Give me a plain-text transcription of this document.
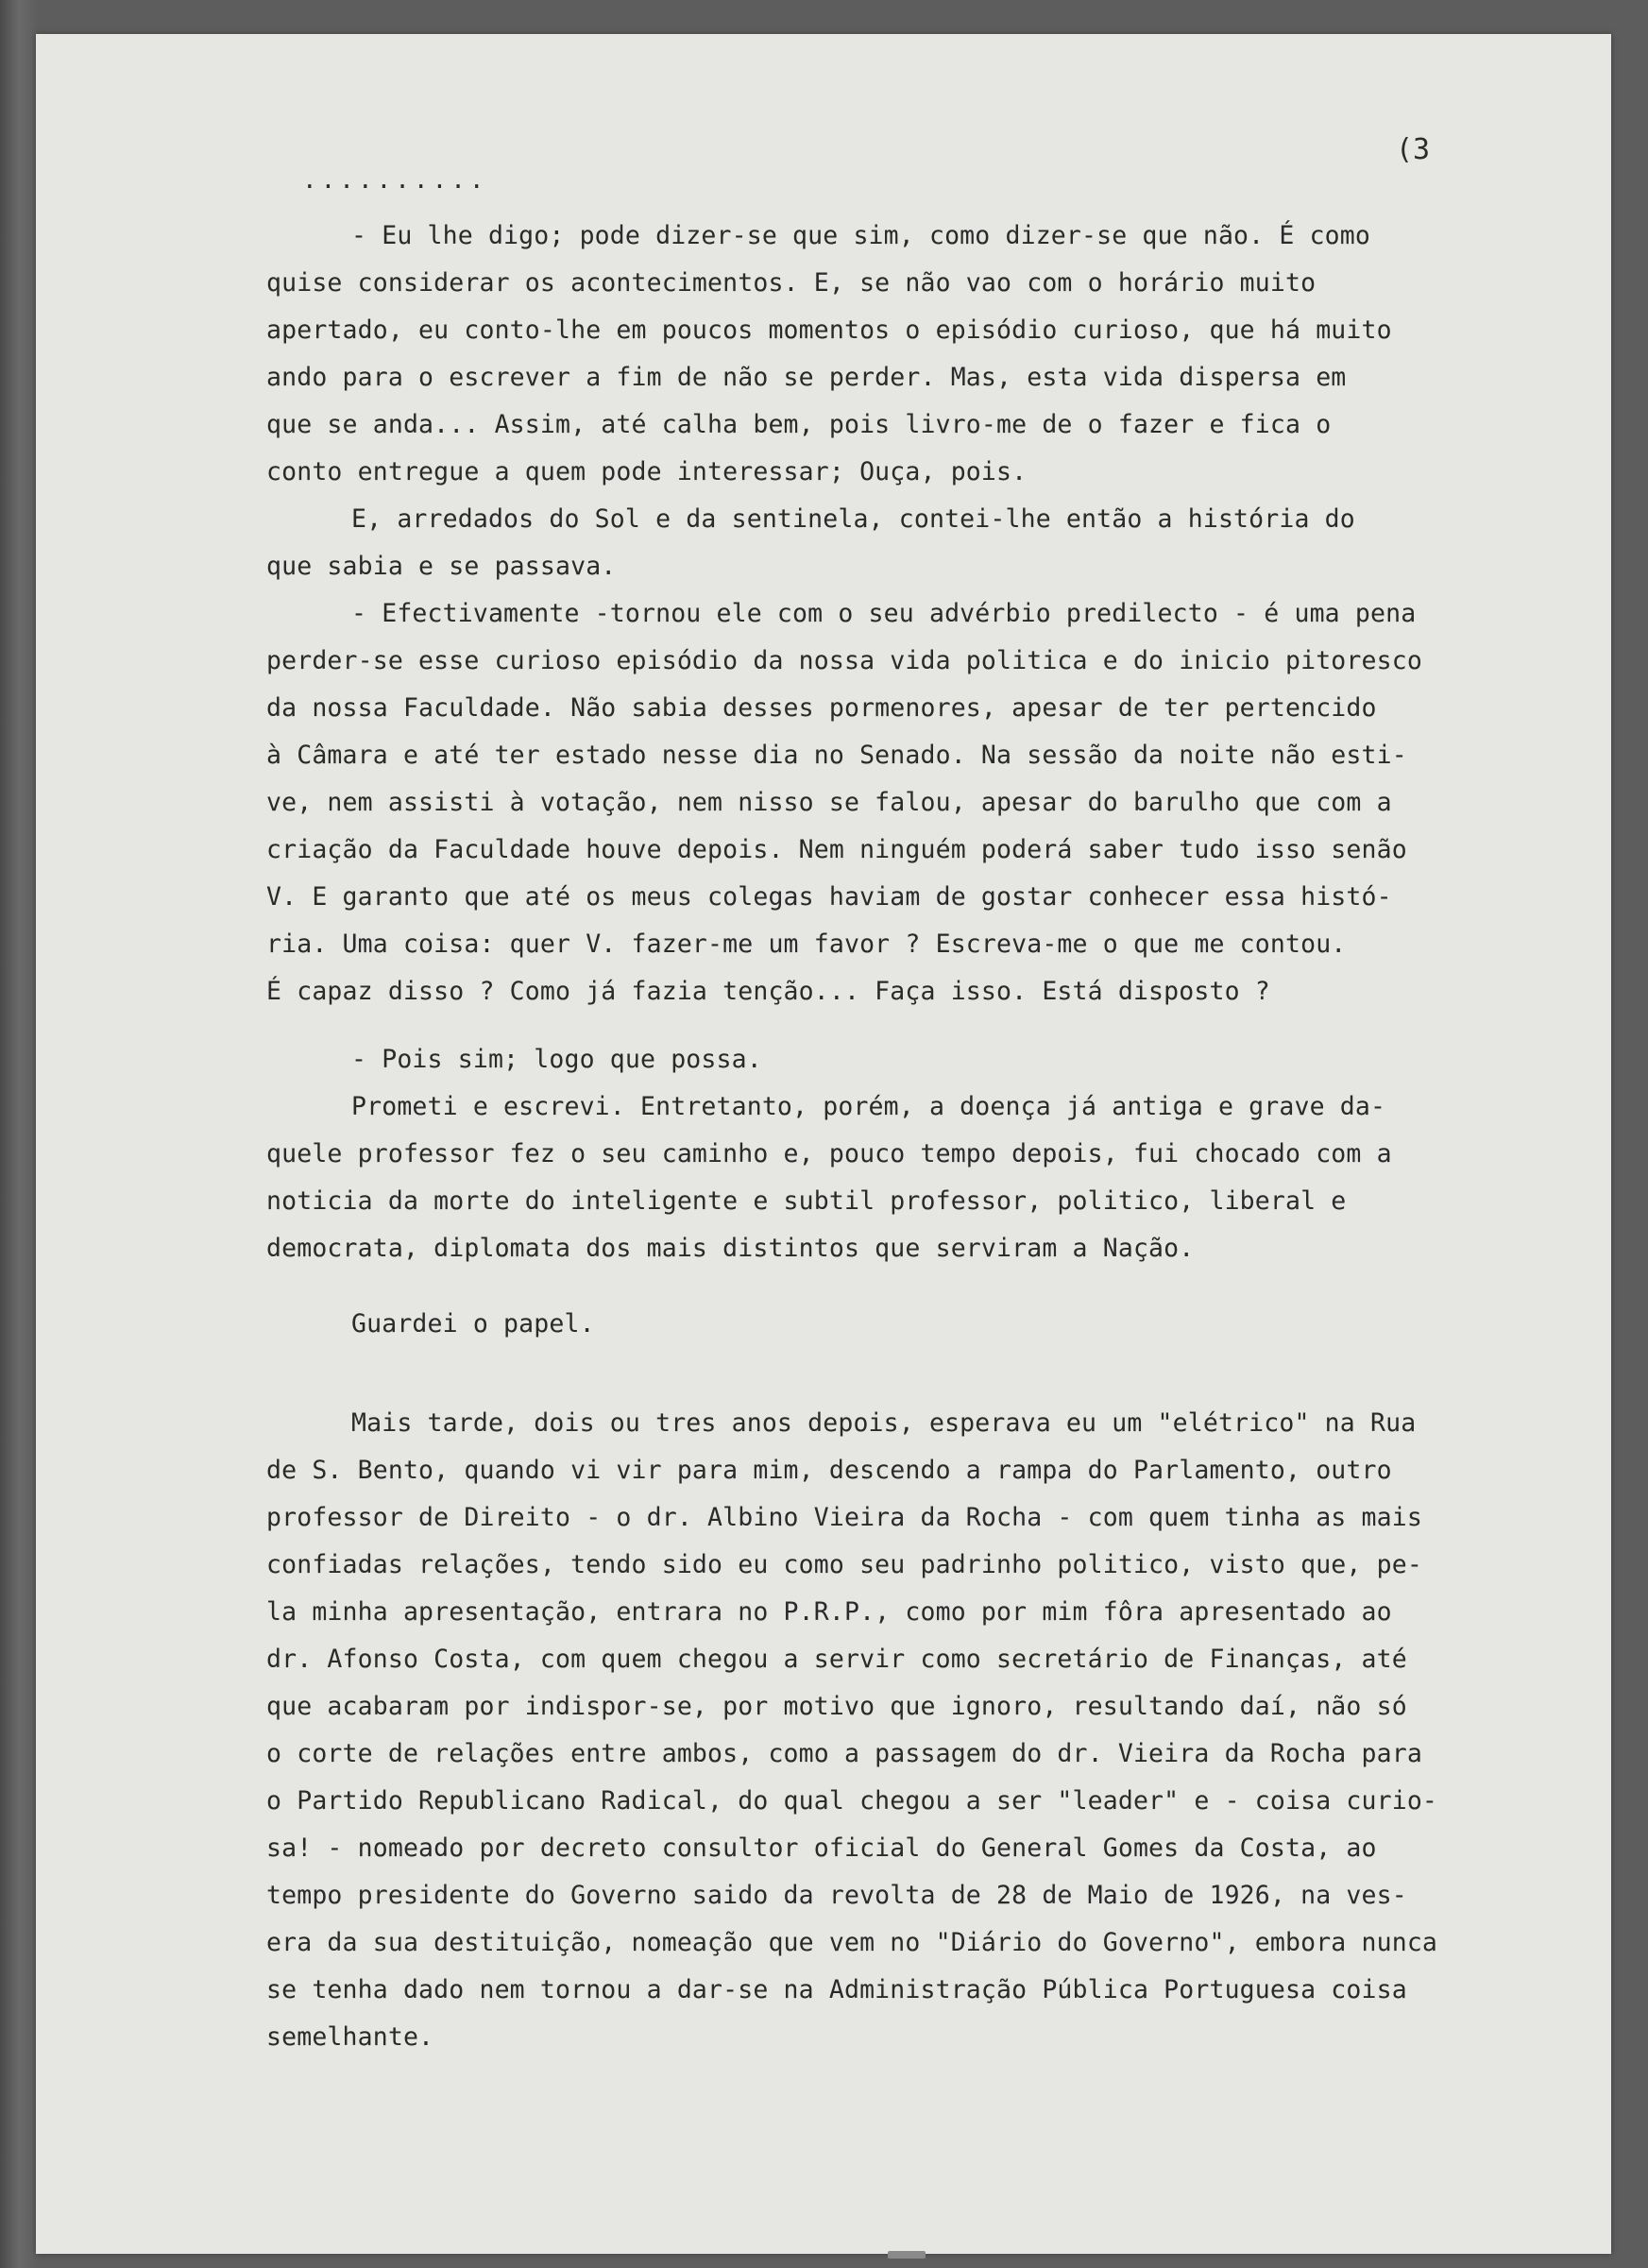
(3
..........
- Eu lhe digo; pode dizer-se que sim, como dizer-se que não. É como
quise considerar os acontecimentos. E, se não vao com o horário muito
apertado, eu conto-lhe em poucos momentos o episódio curioso, que há muito
ando para o escrever a fim de não se perder. Mas, esta vida dispersa em
que se anda... Assim, até calha bem, pois livro-me de o fazer e fica o
conto entregue a quem pode interessar; Ouça, pois.
E, arredados do Sol e da sentinela, contei-lhe então a história do
que sabia e se passava.
- Efectivamente -tornou ele com o seu advérbio predilecto - é uma pena
perder-se esse curioso episódio da nossa vida politica e do inicio pitoresco
da nossa Faculdade. Não sabia desses pormenores, apesar de ter pertencido
à Câmara e até ter estado nesse dia no Senado. Na sessão da noite não esti-
ve, nem assisti à votação, nem nisso se falou, apesar do barulho que com a
criação da Faculdade houve depois. Nem ninguém poderá saber tudo isso senão
V. E garanto que até os meus colegas haviam de gostar conhecer essa histó-
ria. Uma coisa: quer V. fazer-me um favor ? Escreva-me o que me contou.
É capaz disso ? Como já fazia tenção... Faça isso. Está disposto ?
- Pois sim; logo que possa.
Prometi e escrevi. Entretanto, porém, a doença já antiga e grave da-
quele professor fez o seu caminho e, pouco tempo depois, fui chocado com a
noticia da morte do inteligente e subtil professor, politico, liberal e
democrata, diplomata dos mais distintos que serviram a Nação.
Guardei o papel.
Mais tarde, dois ou tres anos depois, esperava eu um "elétrico" na Rua
de S. Bento, quando vi vir para mim, descendo a rampa do Parlamento, outro
professor de Direito - o dr. Albino Vieira da Rocha - com quem tinha as mais
confiadas relações, tendo sido eu como seu padrinho politico, visto que, pe-
la minha apresentação, entrara no P.R.P., como por mim fôra apresentado ao
dr. Afonso Costa, com quem chegou a servir como secretário de Finanças, até
que acabaram por indispor-se, por motivo que ignoro, resultando daí, não só
o corte de relações entre ambos, como a passagem do dr. Vieira da Rocha para
o Partido Republicano Radical, do qual chegou a ser "leader" e - coisa curio-
sa! - nomeado por decreto consultor oficial do General Gomes da Costa, ao
tempo presidente do Governo saido da revolta de 28 de Maio de 1926, na ves-
era da sua destituição, nomeação que vem no "Diário do Governo", embora nunca
se tenha dado nem tornou a dar-se na Administração Pública Portuguesa coisa
semelhante.
